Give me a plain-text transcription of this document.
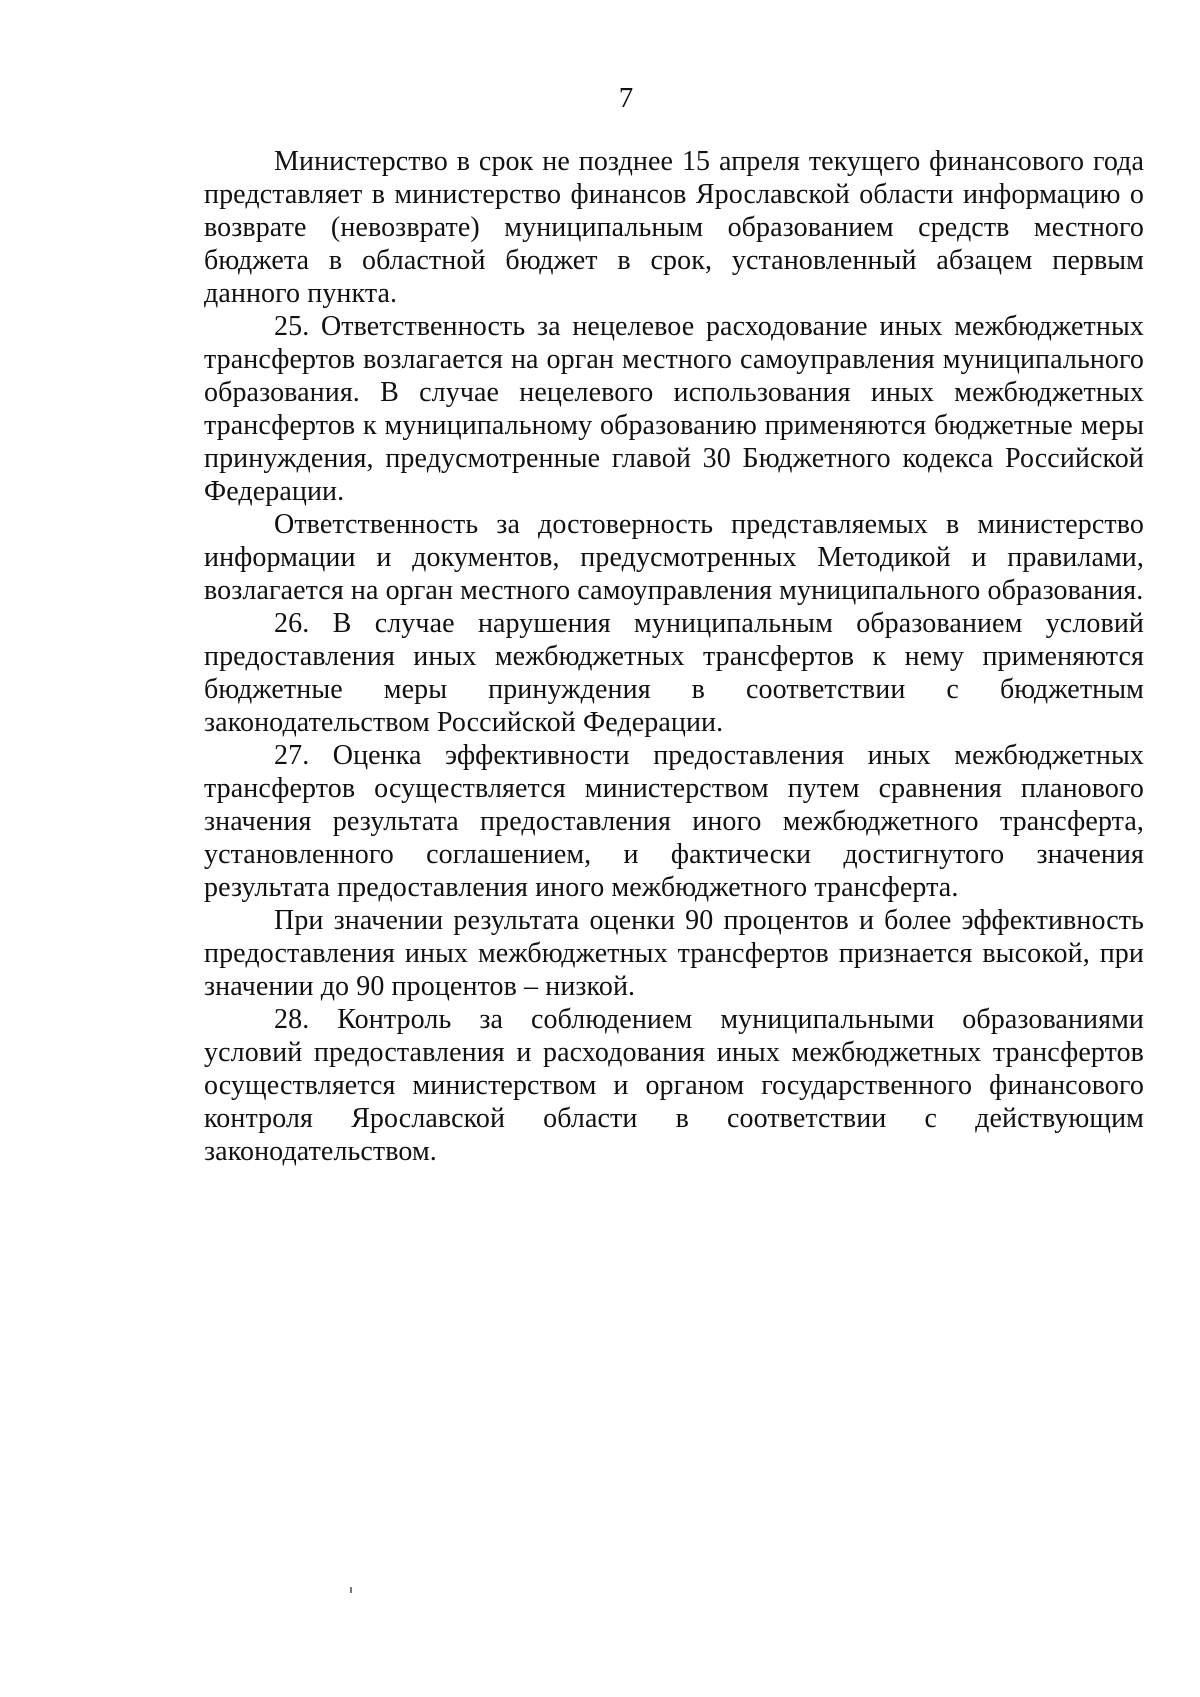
7

Министерство в срок не позднее 15 апреля текущего финансового года представляет в министерство финансов Ярославской области информацию о возврате (невозврате) муниципальным образованием средств местного бюджета в областной бюджет в срок, установленный абзацем первым данного пункта.

25. Ответственность за нецелевое расходование иных межбюджетных трансфертов возлагается на орган местного самоуправления муниципального образования. В случае нецелевого использования иных межбюджетных трансфертов к муниципальному образованию применяются бюджетные меры принуждения, предусмотренные главой 30 Бюджетного кодекса Российской Федерации.

Ответственность за достоверность представляемых в министерство информации и документов, предусмотренных Методикой и правилами, возлагается на орган местного самоуправления муниципального образования.

26. В случае нарушения муниципальным образованием условий предоставления иных межбюджетных трансфертов к нему применяются бюджетные меры принуждения в соответствии с бюджетным законодательством Российской Федерации.

27. Оценка эффективности предоставления иных межбюджетных трансфертов осуществляется министерством путем сравнения планового значения результата предоставления иного межбюджетного трансферта, установленного соглашением, и фактически достигнутого значения результата предоставления иного межбюджетного трансферта.

При значении результата оценки 90 процентов и более эффективность предоставления иных межбюджетных трансфертов признается высокой, при значении до 90 процентов – низкой.

28. Контроль за соблюдением муниципальными образованиями условий предоставления и расходования иных межбюджетных трансфертов осуществляется министерством и органом государственного финансового контроля Ярославской области в соответствии с действующим законодательством.
